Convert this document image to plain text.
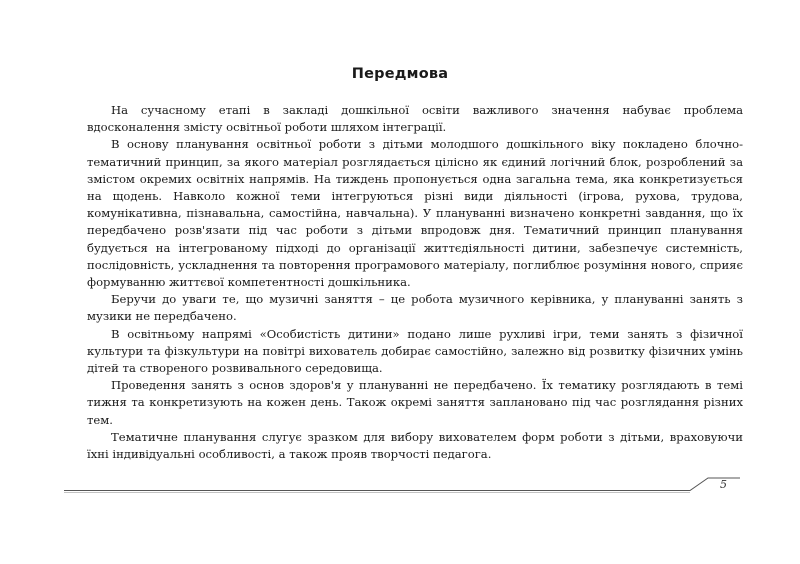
Передмова

На сучасному етапі в закладі дошкільної освіти важливого значення набуває проблема вдосконалення змісту освітньої роботи шляхом інтеграції.

В основу планування освітньої роботи з дітьми молодшого дошкільного віку покладено блочно-тематичний принцип, за якого матеріал розглядається цілісно як єдиний логічний блок, розроблений за змістом окремих освітніх напрямів. На тиждень пропонується одна загальна тема, яка конкретизується на щодень. Навколо кожної теми інтегруються різні види діяльності (ігрова, рухова, трудова, комунікативна, пізнавальна, самостійна, навчальна). У плануванні визначено конкретні завдання, що їх передбачено розв'язати під час роботи з дітьми впродовж дня. Тематичний принцип планування будується на інтегрованому підході до організації життєдіяльності дитини, забезпечує системність, послідовність, ускладнення та повторення програмового матеріалу, поглиблює розуміння нового, сприяє формуванню життєвої компетентності дошкільника.

Беручи до уваги те, що музичні заняття – це робота музичного керівника, у плануванні занять з музики не передбачено.

В освітньому напрямі «Особистість дитини» подано лише рухливі ігри, теми занять з фізичної культури та фізкультури на повітрі вихователь добирає самостійно, залежно від розвитку фізичних умінь дітей та створеного розвивального середовища.

Проведення занять з основ здоров'я у плануванні не передбачено. Їх тематику розглядають в темі тижня та конкретизують на кожен день. Також окремі заняття заплановано під час розглядання різних тем.

Тематичне планування слугує зразком для вибору вихователем форм роботи з дітьми, враховуючи їхні індивідуальні особливості, а також прояв творчості педагога.

5
